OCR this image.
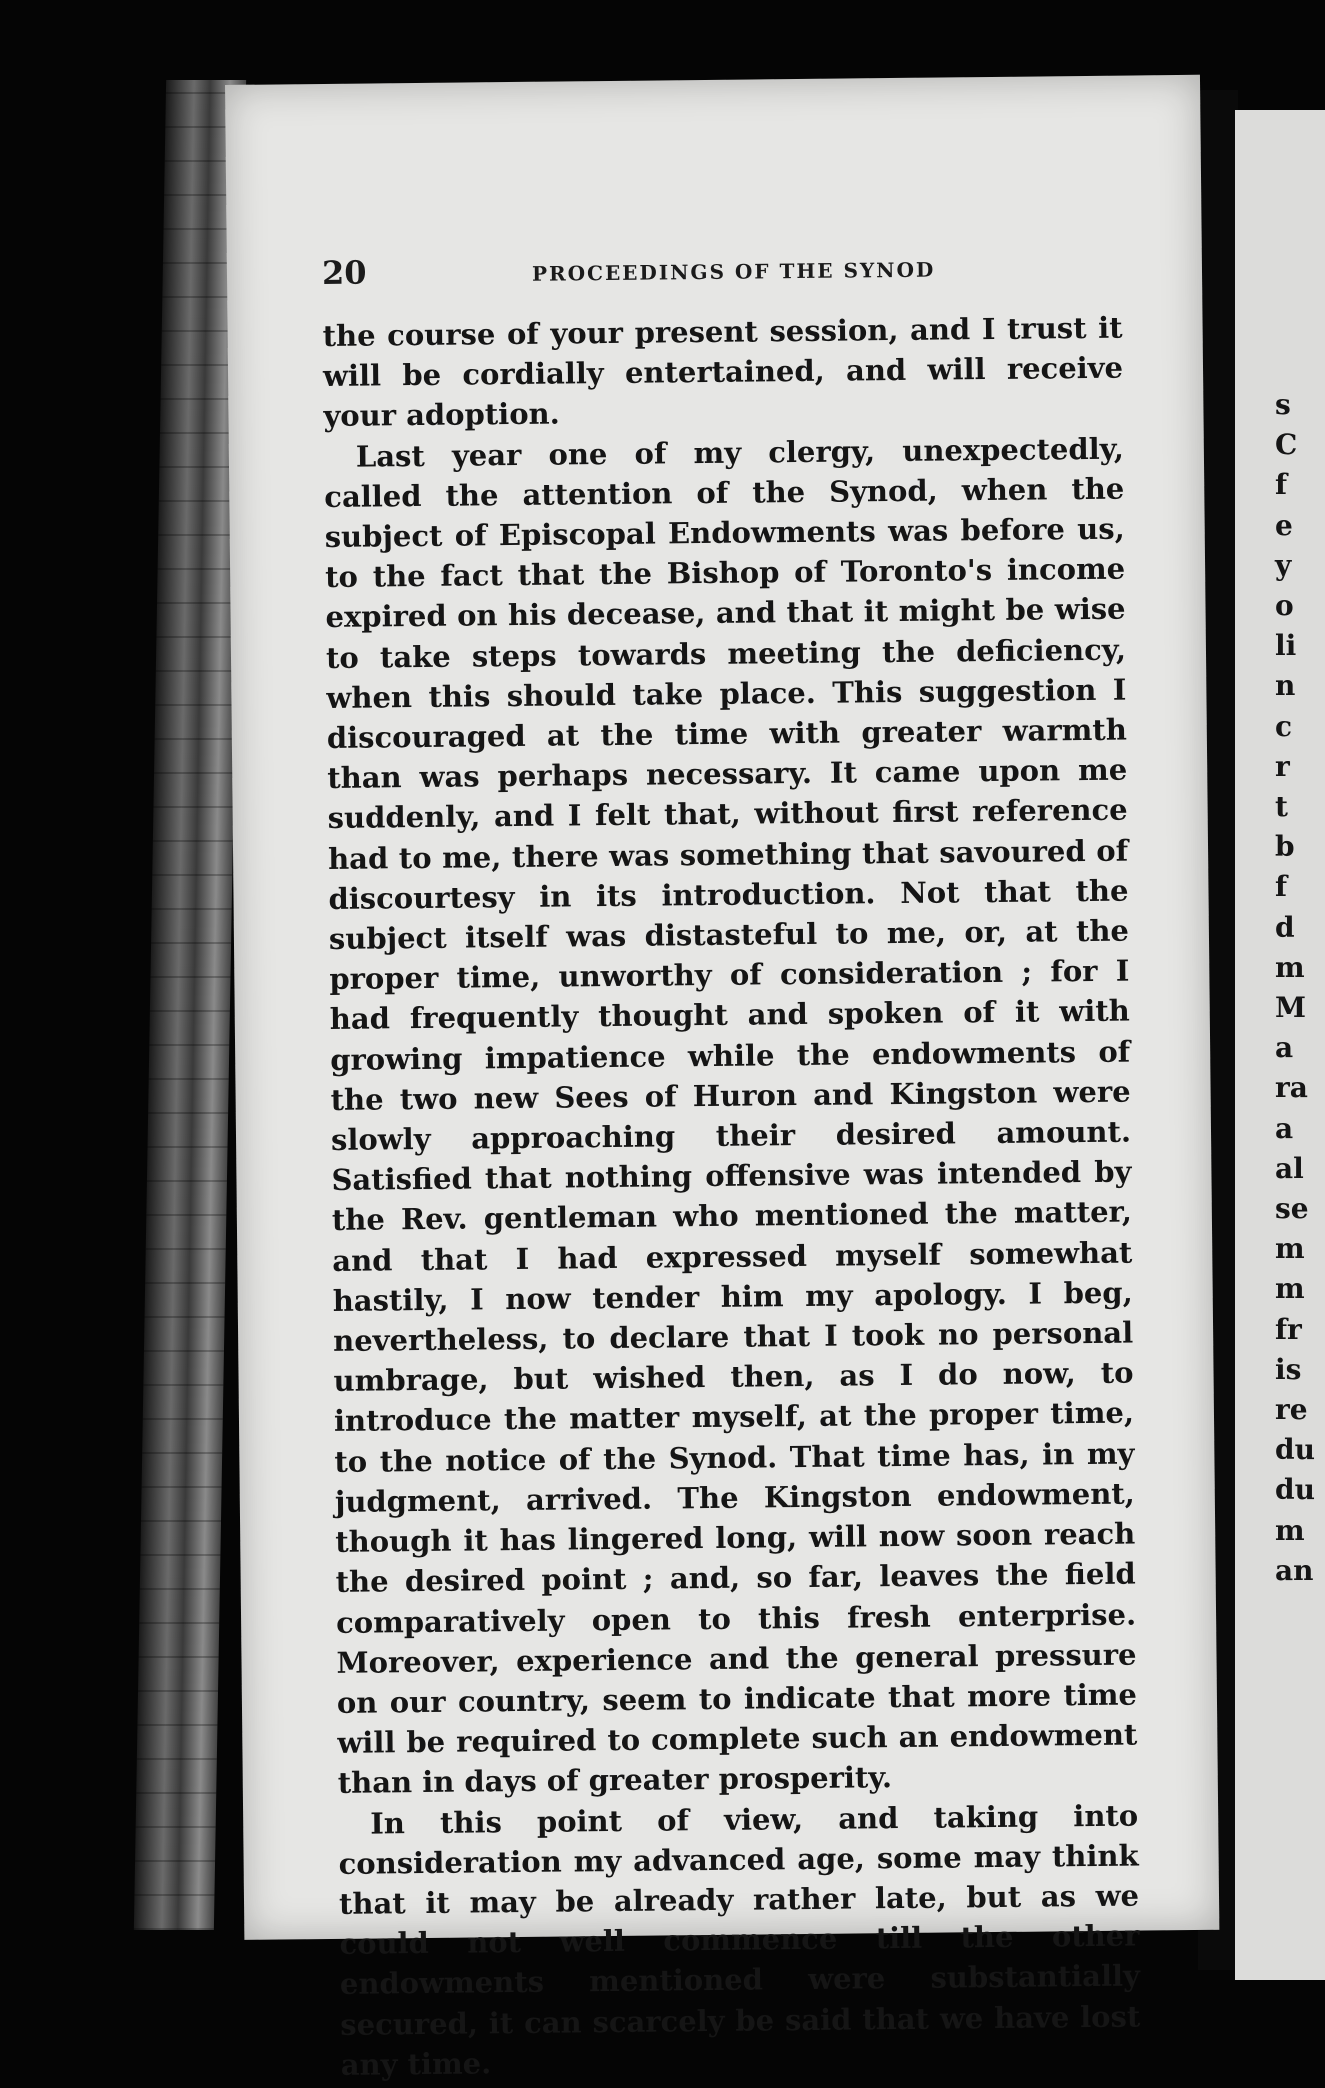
s
C
f
e
y
o
li
n
c
r
t
b
f
d
m
M
a
ra
a
al
se
m
m
fr
is
re
du
du
m
an
20	PROCEEDINGS OF THE SYNOD

the course of your present session, and I trust it will be cordially entertained, and will receive your adoption.

Last year one of my clergy, unexpectedly, called the attention of the Synod, when the subject of Episcopal Endowments was before us, to the fact that the Bishop of Toronto's income expired on his decease, and that it might be wise to take steps towards meeting the deficiency, when this should take place. This suggestion I discouraged at the time with greater warmth than was perhaps necessary. It came upon me suddenly, and I felt that, without first reference had to me, there was something that savoured of discourtesy in its introduction. Not that the subject itself was distasteful to me, or, at the proper time, unworthy of consideration ; for I had frequently thought and spoken of it with growing impatience while the endowments of the two new Sees of Huron and Kingston were slowly approaching their desired amount. Satisfied that nothing offensive was intended by the Rev. gentleman who mentioned the matter, and that I had expressed myself somewhat hastily, I now tender him my apology. I beg, nevertheless, to declare that I took no personal umbrage, but wished then, as I do now, to introduce the matter myself, at the proper time, to the notice of the Synod. That time has, in my judgment, arrived. The Kingston endowment, though it has lingered long, will now soon reach the desired point ; and, so far, leaves the field comparatively open to this fresh enterprise. Moreover, experience and the general pressure on our country, seem to indicate that more time will be required to complete such an endowment than in days of greater prosperity.

In this point of view, and taking into consideration my advanced age, some may think that it may be already rather late, but as we could not well commence till the other endowments mentioned were substantially secured, it can scarcely be said that we have lost any time.
